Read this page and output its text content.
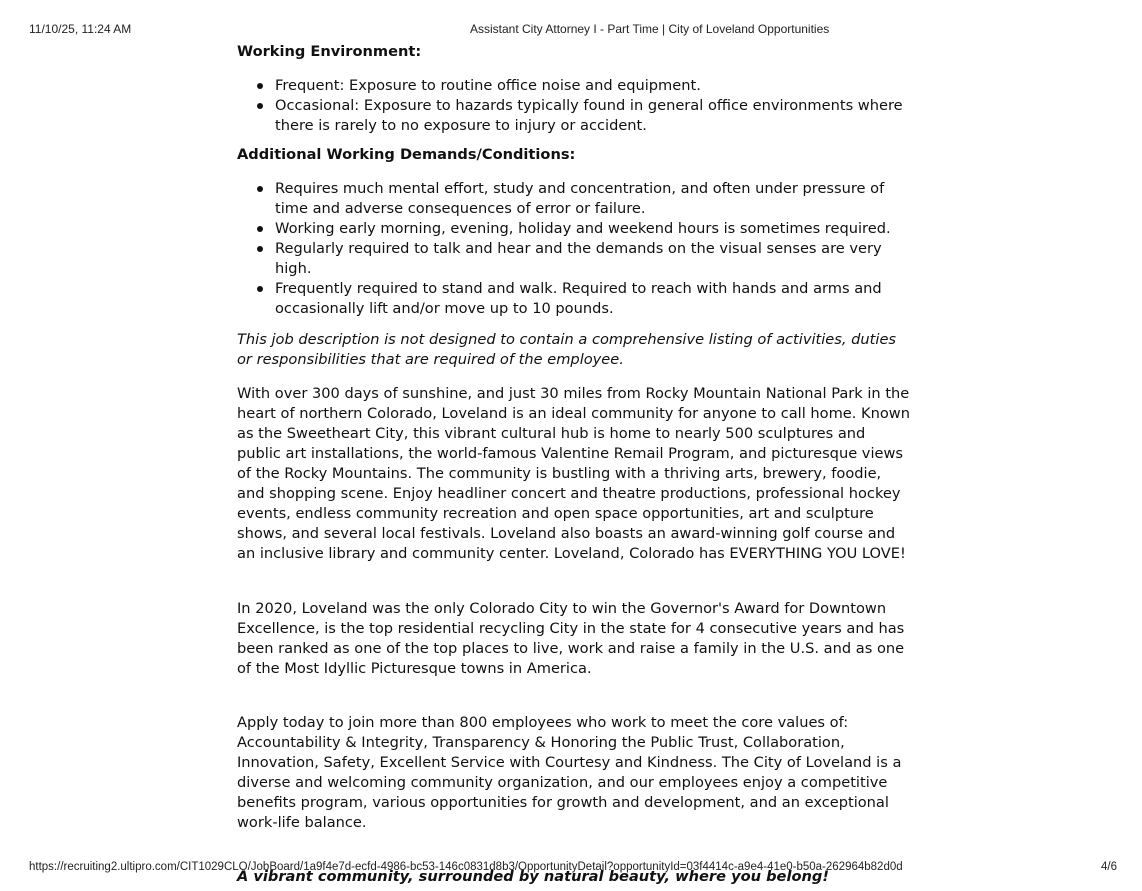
11/10/25, 11:24 AM	Assistant City Attorney I - Part Time | City of Loveland Opportunities

Working Environment:

Frequent: Exposure to routine office noise and equipment.
Occasional: Exposure to hazards typically found in general office environments where there is rarely to no exposure to injury or accident.

Additional Working Demands/Conditions:

Requires much mental effort, study and concentration, and often under pressure of time and adverse consequences of error or failure.
Working early morning, evening, holiday and weekend hours is sometimes required.
Regularly required to talk and hear and the demands on the visual senses are very high.
Frequently required to stand and walk. Required to reach with hands and arms and occasionally lift and/or move up to 10 pounds.

This job description is not designed to contain a comprehensive listing of activities, duties or responsibilities that are required of the employee.

With over 300 days of sunshine, and just 30 miles from Rocky Mountain National Park in the heart of northern Colorado, Loveland is an ideal community for anyone to call home. Known as the Sweetheart City, this vibrant cultural hub is home to nearly 500 sculptures and public art installations, the world-famous Valentine Remail Program, and picturesque views of the Rocky Mountains. The community is bustling with a thriving arts, brewery, foodie, and shopping scene. Enjoy headliner concert and theatre productions, professional hockey events, endless community recreation and open space opportunities, art and sculpture shows, and several local festivals. Loveland also boasts an award-winning golf course and an inclusive library and community center. Loveland, Colorado has EVERYTHING YOU LOVE!

In 2020, Loveland was the only Colorado City to win the Governor's Award for Downtown Excellence, is the top residential recycling City in the state for 4 consecutive years and has been ranked as one of the top places to live, work and raise a family in the U.S. and as one of the Most Idyllic Picturesque towns in America.

Apply today to join more than 800 employees who work to meet the core values of: Accountability & Integrity, Transparency & Honoring the Public Trust, Collaboration, Innovation, Safety, Excellent Service with Courtesy and Kindness. The City of Loveland is a diverse and welcoming community organization, and our employees enjoy a competitive benefits program, various opportunities for growth and development, and an exceptional work-life balance.

A vibrant community, surrounded by natural beauty, where you belong!

https://recruiting2.ultipro.com/CIT1029CLO/JobBoard/1a9f4e7d-ecfd-4986-bc53-146c0831d8b3/OpportunityDetail?opportunityId=03f4414c-a9e4-41e0-b50a-262964b82d0d	4/6
